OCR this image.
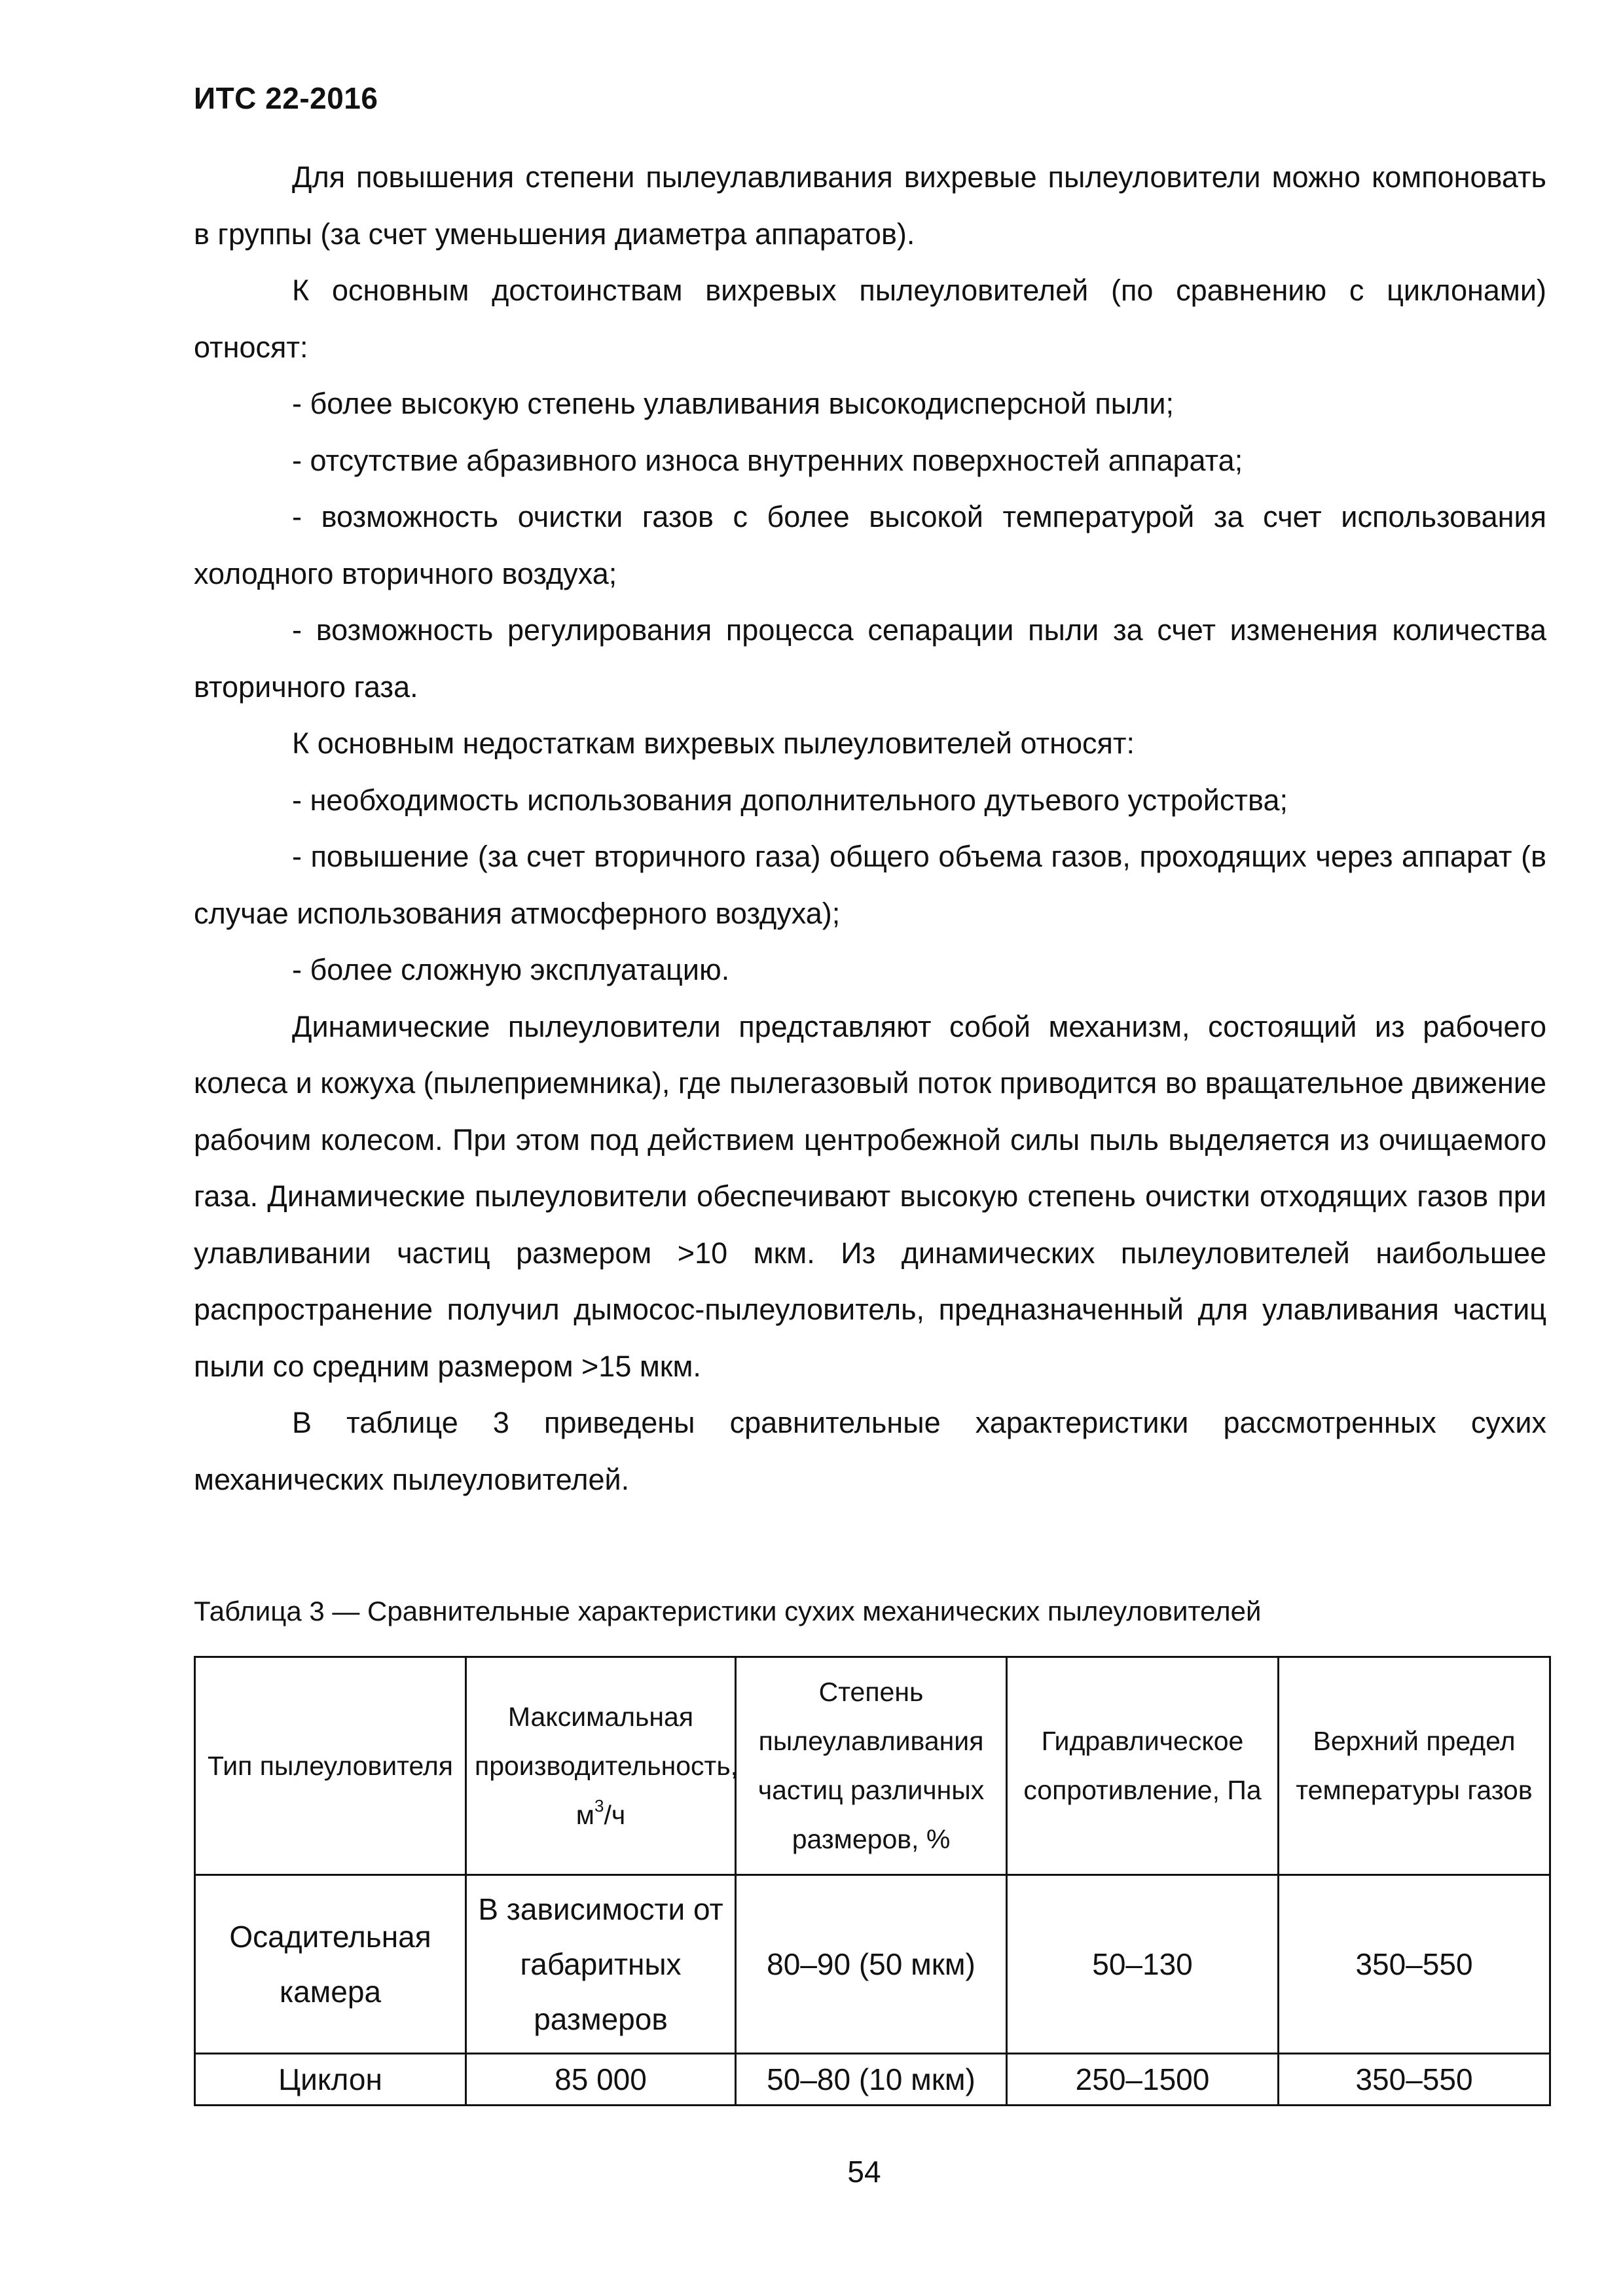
ИТС 22-2016

Для повышения степени пылеулавливания вихревые пылеуловители можно компоновать в группы (за счет уменьшения диаметра аппаратов).

К основным достоинствам вихревых пылеуловителей (по сравнению с циклонами) относят:

- более высокую степень улавливания высокодисперсной пыли;

- отсутствие абразивного износа внутренних поверхностей аппарата;

- возможность очистки газов с более высокой температурой за счет использования холодного вторичного воздуха;

- возможность регулирования процесса сепарации пыли за счет изменения количества вторичного газа.

К основным недостаткам вихревых пылеуловителей относят:

- необходимость использования дополнительного дутьевого устройства;

- повышение (за счет вторичного газа) общего объема газов, проходящих через аппарат (в случае использования атмосферного воздуха);

- более сложную эксплуатацию.

Динамические пылеуловители представляют собой механизм, состоящий из рабочего колеса и кожуха (пылеприемника), где пылегазовый поток приводится во вращательное движение рабочим колесом. При этом под действием центробежной силы пыль выделяется из очищаемого газа. Динамические пылеуловители обеспечивают высокую степень очистки отходящих газов при улавливании частиц размером >10 мкм. Из динамических пылеуловителей наибольшее распространение получил дымосос-пылеуловитель, предназначенный для улавливания частиц пыли со средним размером >15 мкм.

В таблице 3 приведены сравнительные характеристики рассмотренных сухих механических пылеуловителей.

Таблица 3 — Сравнительные характеристики сухих механических пылеуловителей
Тип пылеуловителя	Максимальная производительность, $м^3/ч$	Степень пылеулавливания частиц различных размеров, %	Гидравлическое сопротивление, Па	Верхний предел температуры газов
Осадительная камера	В зависимости от габаритных размеров	80–90 (50 мкм)	50–130	350–550
Циклон	85 000	50–80 (10 мкм)	250–1500	350–550
54
